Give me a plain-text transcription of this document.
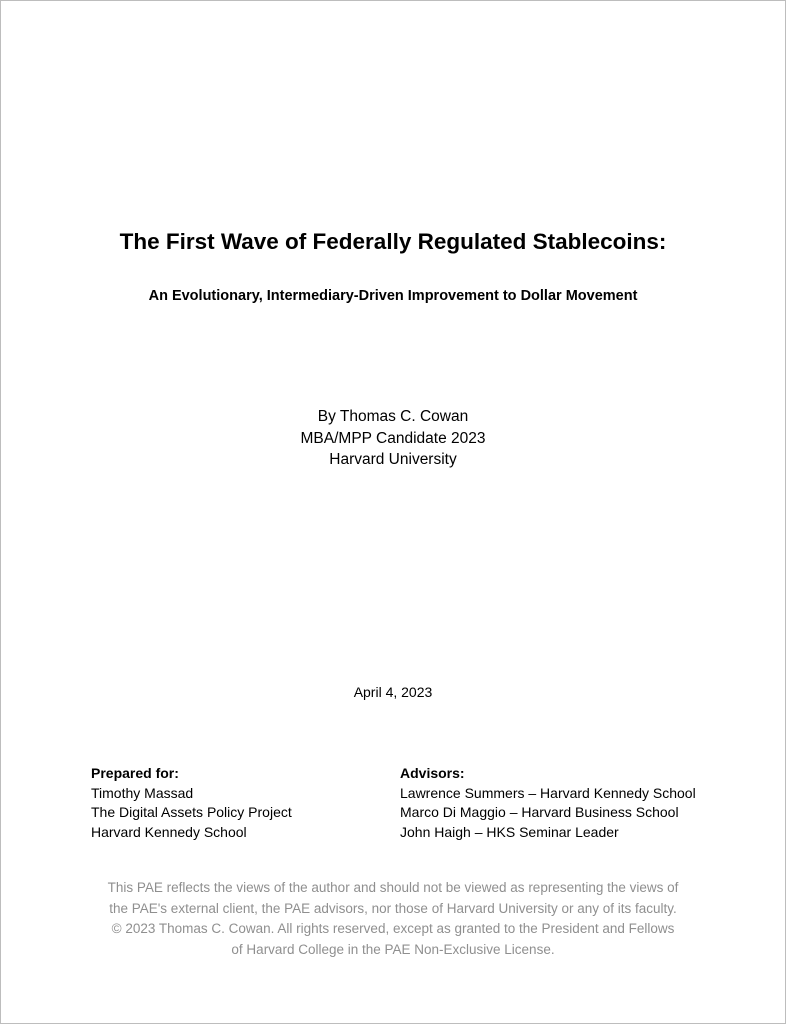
The First Wave of Federally Regulated Stablecoins:
An Evolutionary, Intermediary-Driven Improvement to Dollar Movement
By Thomas C. Cowan
MBA/MPP Candidate 2023
Harvard University
April 4, 2023
Prepared for:
Timothy Massad
The Digital Assets Policy Project
Harvard Kennedy School
Advisors:
Lawrence Summers – Harvard Kennedy School
Marco Di Maggio – Harvard Business School
John Haigh – HKS Seminar Leader
This PAE reflects the views of the author and should not be viewed as representing the views of
the PAE's external client, the PAE advisors, nor those of Harvard University or any of its faculty.
© 2023 Thomas C. Cowan. All rights reserved, except as granted to the President and Fellows
of Harvard College in the PAE Non-Exclusive License.
